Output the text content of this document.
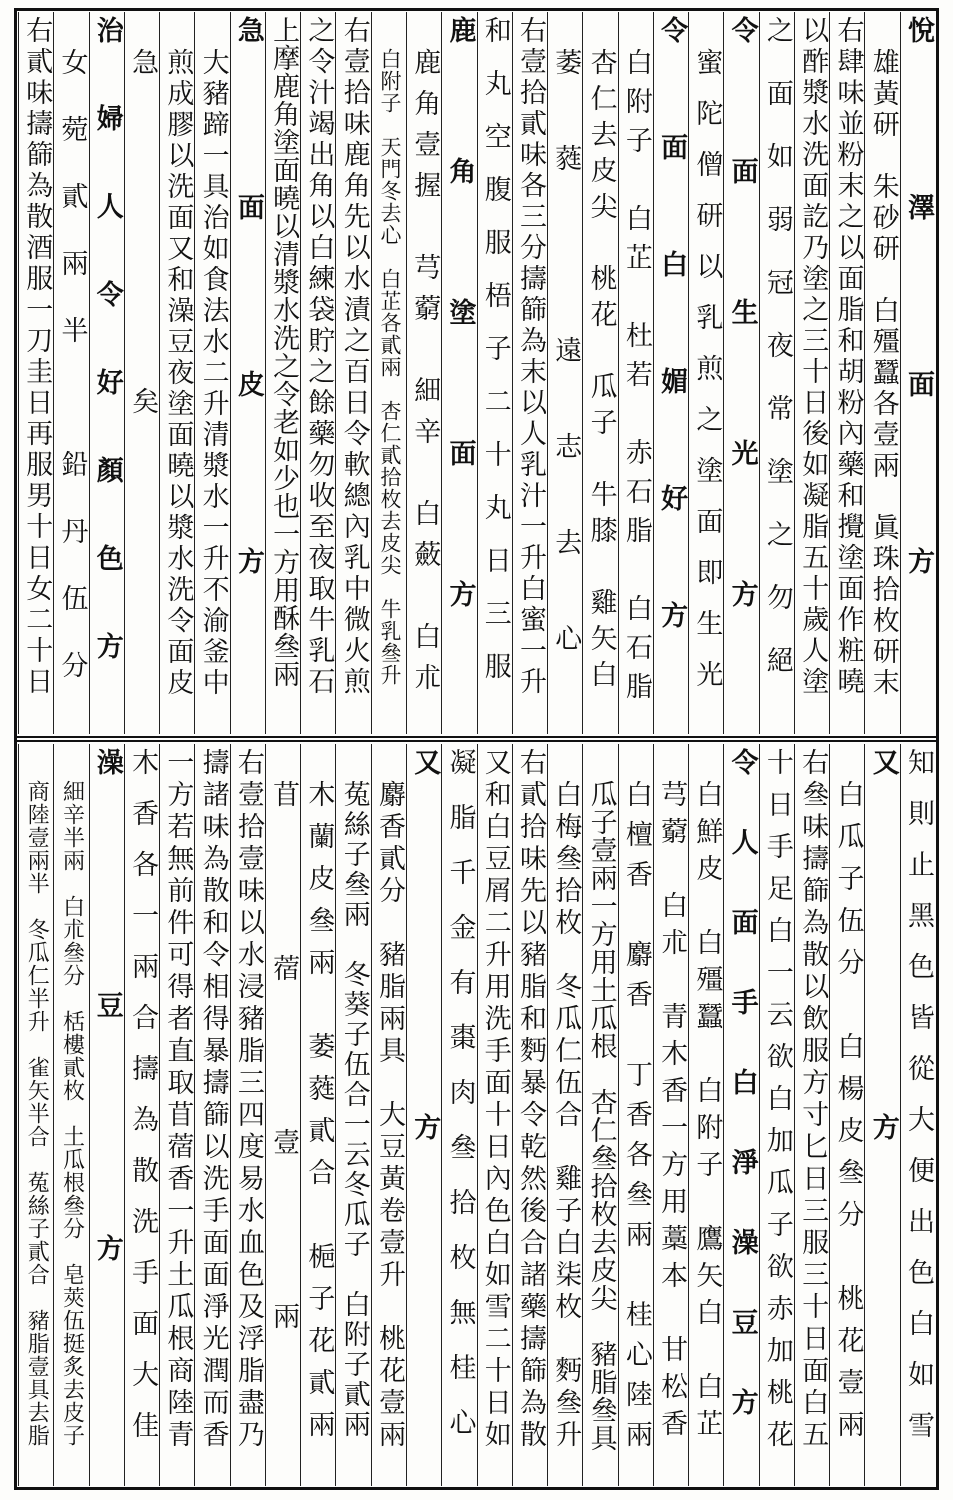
悅澤面方
雄黃研　朱砂研　白殭蠶各壹兩　眞珠拾枚研末
右肆味並粉末之以面脂和胡粉內藥和攪塗面作粧曉
以酢漿水洗面訖乃塗之三十日後如凝脂五十歲人塗
之面如弱冠夜常塗之勿絕
令面生光方
蜜陀僧研以乳煎之塗面即生光
令面白媚好方
白附子　白芷　杜若　赤石脂　白石脂
杏仁去皮尖　桃花　瓜子　牛膝　雞矢白
萎蕤　遠志去心
右壹拾貳味各三分擣篩為末以人乳汁一升白蜜一升
和丸空腹服梧子二十丸日三服
鹿角塗面方
鹿角壹握　芎藭　細辛　白蘞　白朮
白附子　天門冬去心　白芷各貳兩　杏仁貳拾枚去皮尖　牛乳叄升
右壹拾味鹿角先以水漬之百日令軟總內乳中微火煎
之令汁竭出角以白練袋貯之餘藥勿收至夜取牛乳石
上摩鹿角塗面曉以清漿水洗之令老如少也一方用酥叄兩
急面皮方
大豬蹄一具治如食法水二升清漿水一升不渝釜中
煎成膠以洗面又和澡豆夜塗面曉以漿水洗令面皮
急矣
治婦人令好顏色方
女菀貳兩半　鉛丹伍分
右貳味擣篩為散酒服一刀圭日再服男十日女二十日
知則止黑色皆從大便出色白如雪
又方
白瓜子伍分　白楊皮叄分　桃花壹兩
右叄味擣篩為散以飲服方寸匕日三服三十日面白五
十日手足白一云欲白加瓜子欲赤加桃花
令人面手白淨澡豆方
白鮮皮　白殭蠶　白附子　鷹矢白　白芷
芎藭　白朮　青木香一方用藁本　甘松香
白檀香　麝香　丁香各叄兩　桂心陸兩
瓜子壹兩一方用土瓜根　杏仁叄拾枚去皮尖　豬脂叄具
白梅叄拾枚　冬瓜仁伍合　雞子白柒枚　麪叄升
右貳拾味先以豬脂和麪暴令乾然後合諸藥擣篩為散
又和白豆屑二升用洗手面十日內色白如雪二十日如
凝脂千金有棗肉叄拾枚無桂心
又方
麝香貳分　豬脂兩具　大豆黃卷壹升　桃花壹兩
菟絲子叄兩　冬葵子伍合一云冬瓜子　白附子貳兩
木蘭皮叄兩　萎蕤貳合　梔子花貳兩
苜蓿壹兩
右壹拾壹味以水浸豬脂三四度易水血色及浮脂盡乃
擣諸味為散和令相得暴擣篩以洗手面面淨光潤而香
一方若無前件可得者直取苜蓿香一升土瓜根商陸青
木香各一兩合擣為散洗手面大佳
澡豆方
細辛半兩　白朮叄分　栝樓貳枚　土瓜根叄分　皂莢伍挺炙去皮子
商陸壹兩半　冬瓜仁半升　雀矢半合　菟絲子貳合　豬脂壹具去脂
